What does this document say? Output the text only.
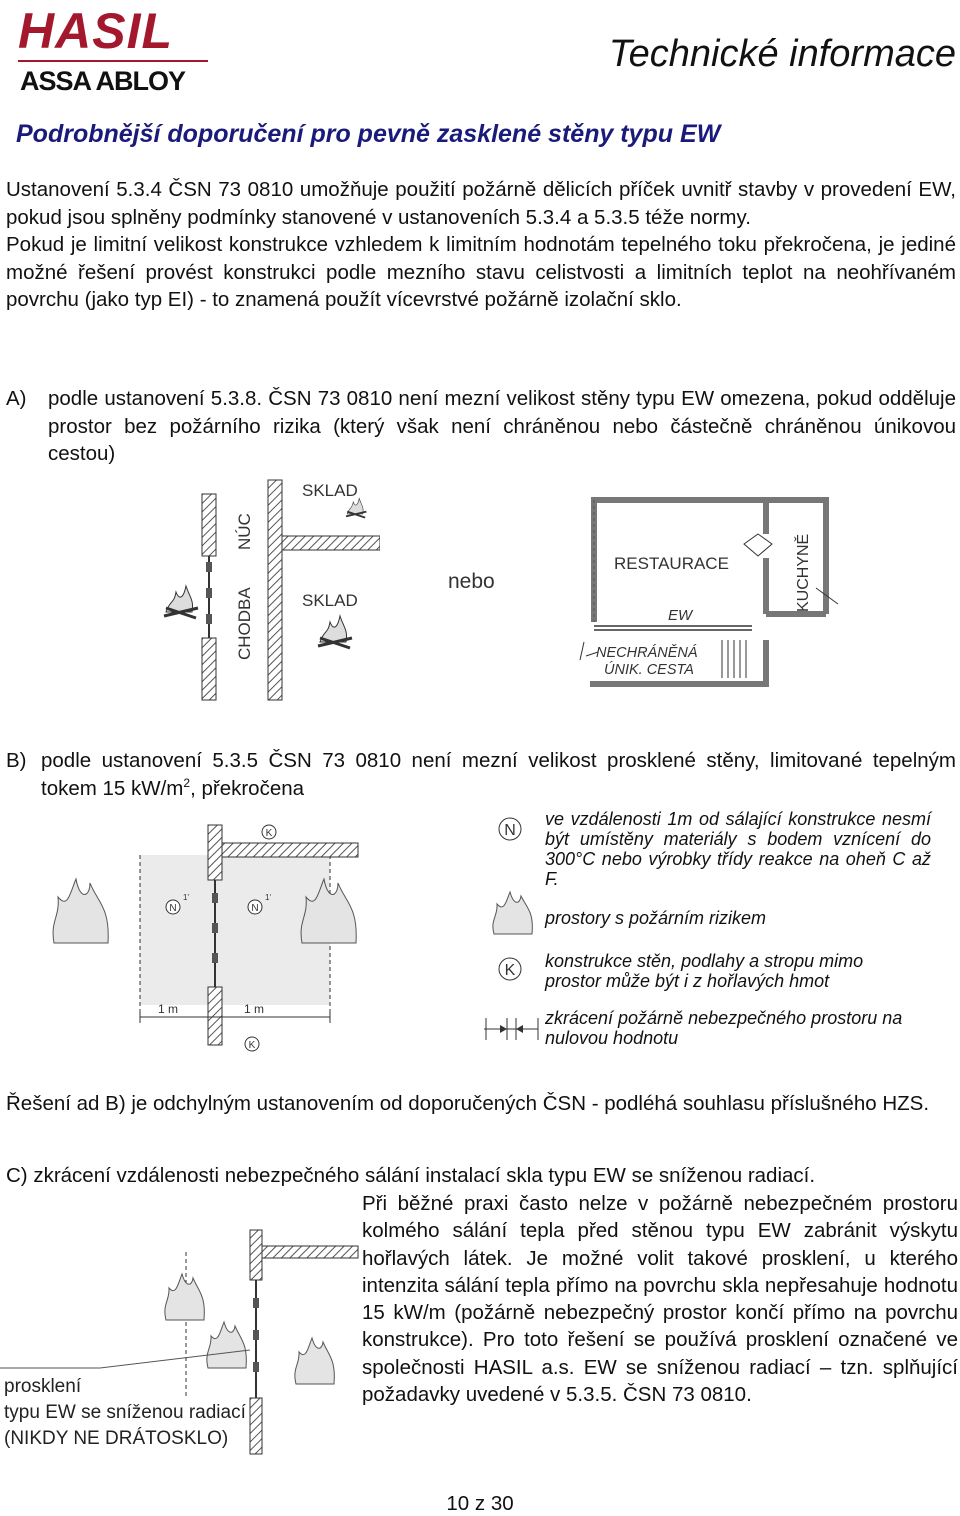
HASIL
ASSA ABLOY
Technické informace
Podrobnější doporučení pro pevně zasklené stěny typu EW

Ustanovení 5.3.4 ČSN 73 0810 umožňuje použití požárně dělicích příček uvnitř stavby v provedení EW, pokud jsou splněny podmínky stanovené v ustanoveních 5.3.4 a 5.3.5 téže normy.

Pokud je limitní velikost konstrukce vzhledem k limitním hodnotám tepelného toku překročena, je jediné možné řešení provést konstrukci podle mezního stavu celistvosti a limitních teplot na neohřívaném povrchu (jako typ EI) - to znamená použít vícevrstvé požárně izolační sklo.

A) podle ustanovení 5.3.8. ČSN 73 0810 není mezní velikost stěny typu EW omezena, pokud odděluje prostor bez požárního rizika (který však není chráněnou nebo částečně chráněnou únikovou cestou)
NÚC
CHODBA
SKLAD
SKLAD
nebo
RESTAURACE	KUCHYNĚ
EW
NECHRÁNĚNÁ
ÚNIK. CESTA
B) podle ustanovení 5.3.5 ČSN 73 0810 není mezní velikost prosklené stěny, limitované tepelným tokem 15 $kW/m^2$, překročena
K
K
N
1'
N
1'
1 m	1 m
N
ve vzdálenosti 1m od sálající konstrukce nesmí být umístěny materiály s bodem vznícení do 300°C nebo výrobky třídy reakce na oheň C až F.
prostory s požárním rizikem
K konstrukce stěn, podlahy a stropu mimo prostor může být i z hořlavých hmot
zkrácení požárně nebezpečného prostoru na nulovou hodnotu
Řešení ad B) je odchylným ustanovením od doporučených ČSN - podléhá souhlasu příslušného HZS.
C) zkrácení vzdálenosti nebezpečného sálání instalací skla typu EW se sníženou radiací.
prosklení
typu EW se sníženou radiací
(NIKDY NE DRÁTOSKLO)
Při běžné praxi často nelze v požárně nebezpečném prostoru kolmého sálání tepla před stěnou typu EW zabránit výskytu hořlavých látek. Je možné volit takové prosklení, u kterého intenzita sálání tepla přímo na povrchu skla nepřesahuje hodnotu 15 kW/m (požárně nebezpečný prostor končí přímo na povrchu konstrukce). Pro toto řešení se používá prosklení označené ve společnosti HASIL a.s. EW se sníženou radiací – tzn. splňující požadavky uvedené v 5.3.5. ČSN 73 0810.
10 z 30
